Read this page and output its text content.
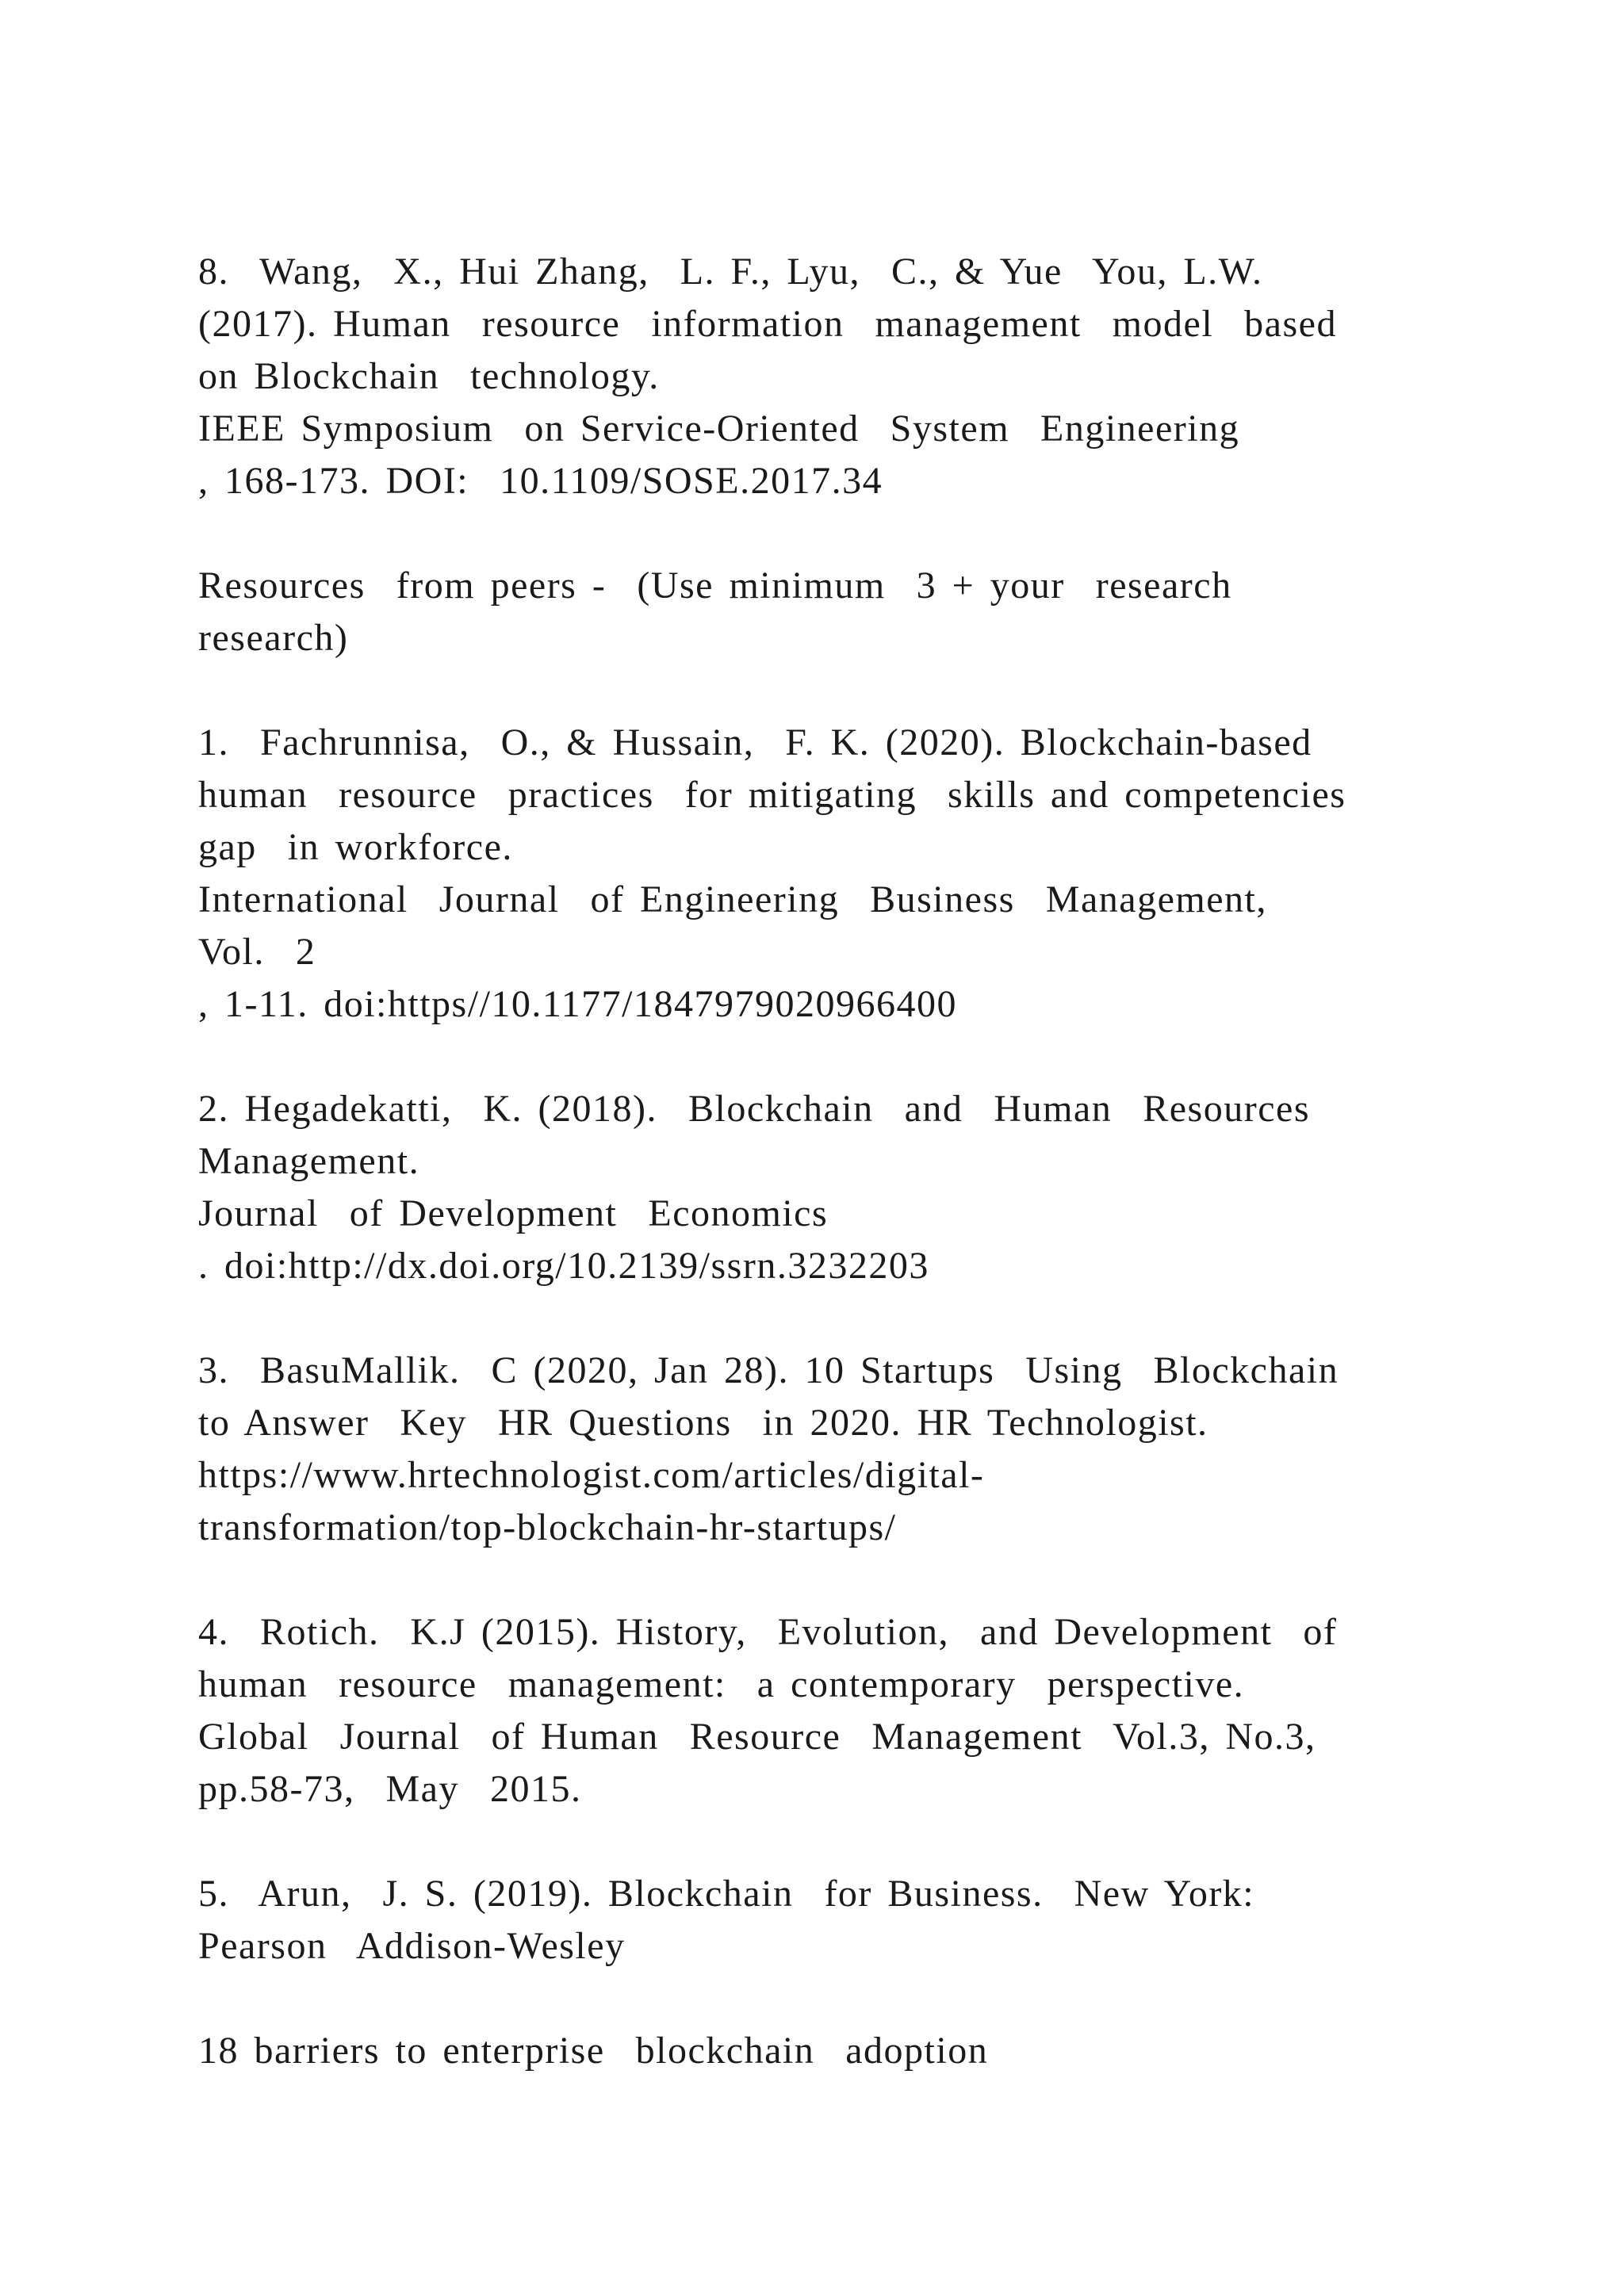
8.  Wang,  X., Hui Zhang,  L. F., Lyu,  C., & Yue  You, L.W.

(2017). Human  resource  information  management  model  based

on Blockchain  technology.

IEEE Symposium  on Service-Oriented  System  Engineering

, 168-173. DOI:  10.1109/SOSE.2017.34

Resources  from peers -  (Use minimum  3 + your  research

research)

1.  Fachrunnisa,  O., & Hussain,  F. K. (2020). Blockchain-based

human  resource  practices  for mitigating  skills and competencies

gap  in workforce.

International  Journal  of Engineering  Business  Management,

Vol.  2

, 1-11. doi:https//10.1177/1847979020966400

2. Hegadekatti,  K. (2018).  Blockchain  and  Human  Resources

Management.

Journal  of Development  Economics

. doi:http://dx.doi.org/10.2139/ssrn.3232203

3.  BasuMallik.  C (2020, Jan 28). 10 Startups  Using  Blockchain

to Answer  Key  HR Questions  in 2020. HR Technologist.

https://www.hrtechnologist.com/articles/digital-

transformation/top-blockchain-hr-startups/

4.  Rotich.  K.J (2015). History,  Evolution,  and Development  of

human  resource  management:  a contemporary  perspective.

Global  Journal  of Human  Resource  Management  Vol.3, No.3,

pp.58-73,  May  2015.

5.  Arun,  J. S. (2019). Blockchain  for Business.  New York:

Pearson  Addison-Wesley

18 barriers to enterprise  blockchain  adoption
